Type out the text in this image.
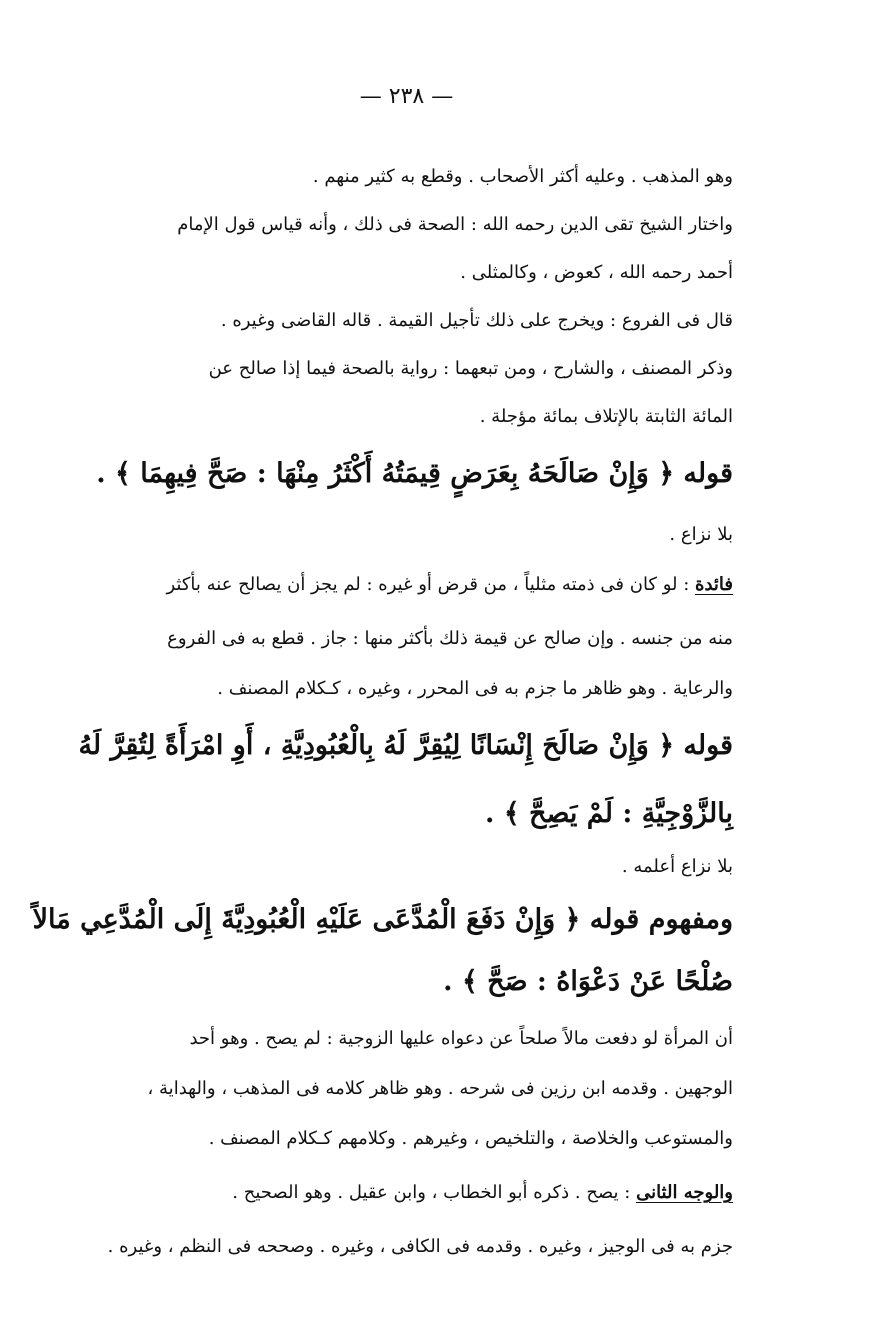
— ٢٣٨ —
وهو المذهب . وعليه أكثر الأصحاب . وقطع به كثير منهم .
واختار الشيخ تقى الدين رحمه الله : الصحة فى ذلك ، وأنه قياس قول الإمام
أحمد رحمه الله ، كعوض ، وكالمثلى .
قال فى الفروع : ويخرج على ذلك تأجيل القيمة . قاله القاضى وغيره .
وذكر المصنف ، والشارح ، ومن تبعهما : رواية بالصحة فيما إذا صالح عن
المائة الثابتة بالإتلاف بمائة مؤجلة .
قوله ﴿ وَإِنْ صَالَحَهُ بِعَرَضٍ قِيمَتُهُ أَكْثَرُ مِنْهَا : صَحَّ فِيهِمَا ﴾ .
بلا نزاع .
فائدة : لو كان فى ذمته مثلياً ، من قرض أو غيره : لم يجز أن يصالح عنه بأكثر
منه من جنسه . وإن صالح عن قيمة ذلك بأكثر منها : جاز . قطع به فى الفروع
والرعاية . وهو ظاهر ما جزم به فى المحرر ، وغيره ، كـكلام المصنف .
قوله ﴿ وَإِنْ صَالَحَ إِنْسَانًا لِيُقِرَّ لَهُ بِالْعُبُودِيَّةِ ، أَوِ امْرَأَةً لِتُقِرَّ لَهُ
بِالزَّوْجِيَّةِ : لَمْ يَصِحَّ ﴾ .
بلا نزاع أعلمه .
ومفهوم قوله ﴿ وَإِنْ دَفَعَ الْمُدَّعَى عَلَيْهِ الْعُبُودِيَّةَ إِلَى الْمُدَّعِي مَالاً
صُلْحًا عَنْ دَعْوَاهُ : صَحَّ ﴾ .
أن المرأة لو دفعت مالاً صلحاً عن دعواه عليها الزوجية : لم يصح . وهو أحد
الوجهين . وقدمه ابن رزين فى شرحه . وهو ظاهر كلامه فى المذهب ، والهداية ،
والمستوعب والخلاصة ، والتلخيص ، وغيرهم . وكلامهم كـكلام المصنف .
والوجه الثانى : يصح . ذكره أبو الخطاب ، وابن عقيل . وهو الصحيح .
جزم به فى الوجيز ، وغيره . وقدمه فى الكافى ، وغيره . وصححه فى النظم ، وغيره .
